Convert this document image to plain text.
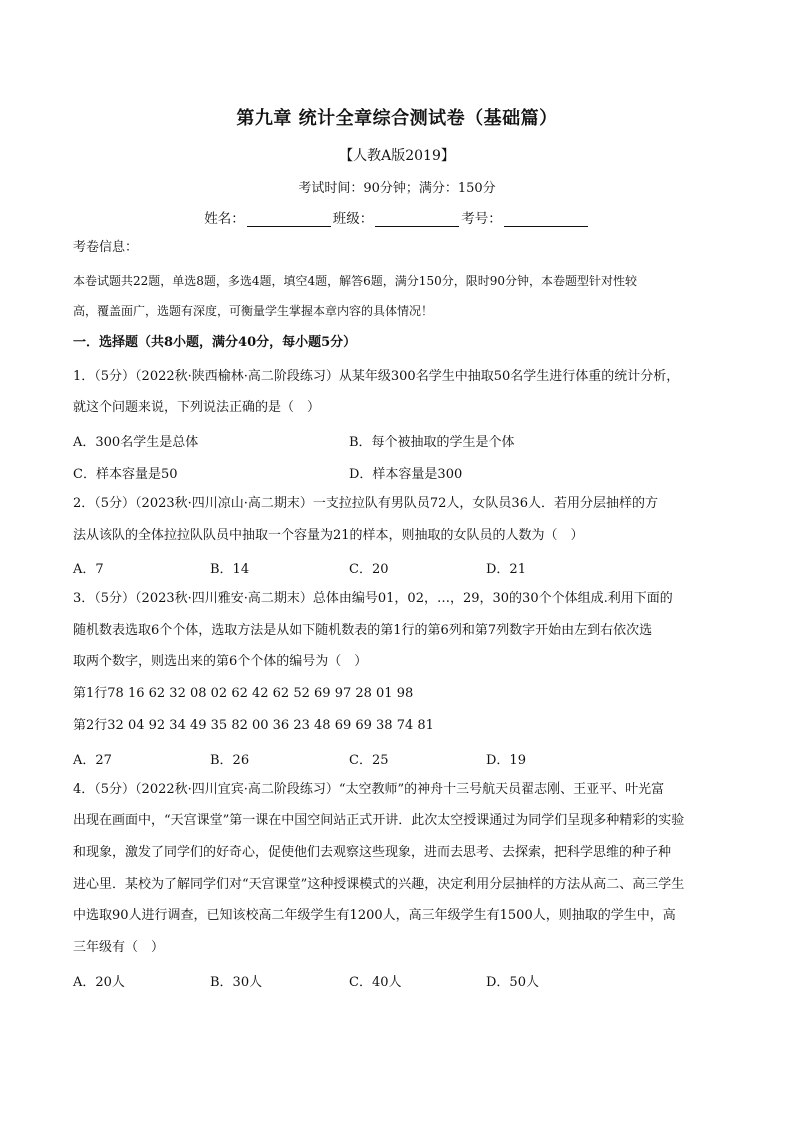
第九章 统计全章综合测试卷（基础篇）
【人教A版2019】
考试时间：90分钟；满分：150分
姓名：	班级：	考号：
考卷信息：
本卷试题共22题，单选8题，多选4题，填空4题，解答6题，满分150分，限时90分钟，本卷题型针对性较
高，覆盖面广，选题有深度，可衡量学生掌握本章内容的具体情况！
一．选择题（共8小题，满分40分，每小题5分）
1．（5分）（2022秋·陕西榆林·高二阶段练习）从某年级300名学生中抽取50名学生进行体重的统计分析，
就这个问题来说，下列说法正确的是（　）
A．300名学生是总体	B．每个被抽取的学生是个体
C．样本容量是50	D．样本容量是300
2．（5分）（2023秋·四川凉山·高二期末）一支拉拉队有男队员72人，女队员36人．若用分层抽样的方
法从该队的全体拉拉队队员中抽取一个容量为21的样本，则抽取的女队员的人数为（　）
A．7	B．14	C．20	D．21
3．（5分）（2023秋·四川雅安·高二期末）总体由编号01，02，…，29，30的30个个体组成.利用下面的
随机数表选取6个个体，选取方法是从如下随机数表的第1行的第6列和第7列数字开始由左到右依次选
取两个数字，则选出来的第6个个体的编号为（　）
第1行78 16 62 32 08 02 62 42 62 52 69 97 28 01 98
第2行32 04 92 34 49 35 82 00 36 23 48 69 69 38 74 81
A．27	B．26	C．25	D．19
4．（5分）（2022秋·四川宜宾·高二阶段练习）“太空教师”的神舟十三号航天员翟志刚、王亚平、叶光富
出现在画面中，“天宫课堂”第一课在中国空间站正式开讲．此次太空授课通过为同学们呈现多种精彩的实验
和现象，激发了同学们的好奇心，促使他们去观察这些现象，进而去思考、去探索，把科学思维的种子种
进心里．某校为了解同学们对“天宫课堂”这种授课模式的兴趣，决定利用分层抽样的方法从高二、高三学生
中选取90人进行调查，已知该校高二年级学生有1200人，高三年级学生有1500人，则抽取的学生中，高
三年级有（　）
A．20人	B．30人	C．40人	D．50人
